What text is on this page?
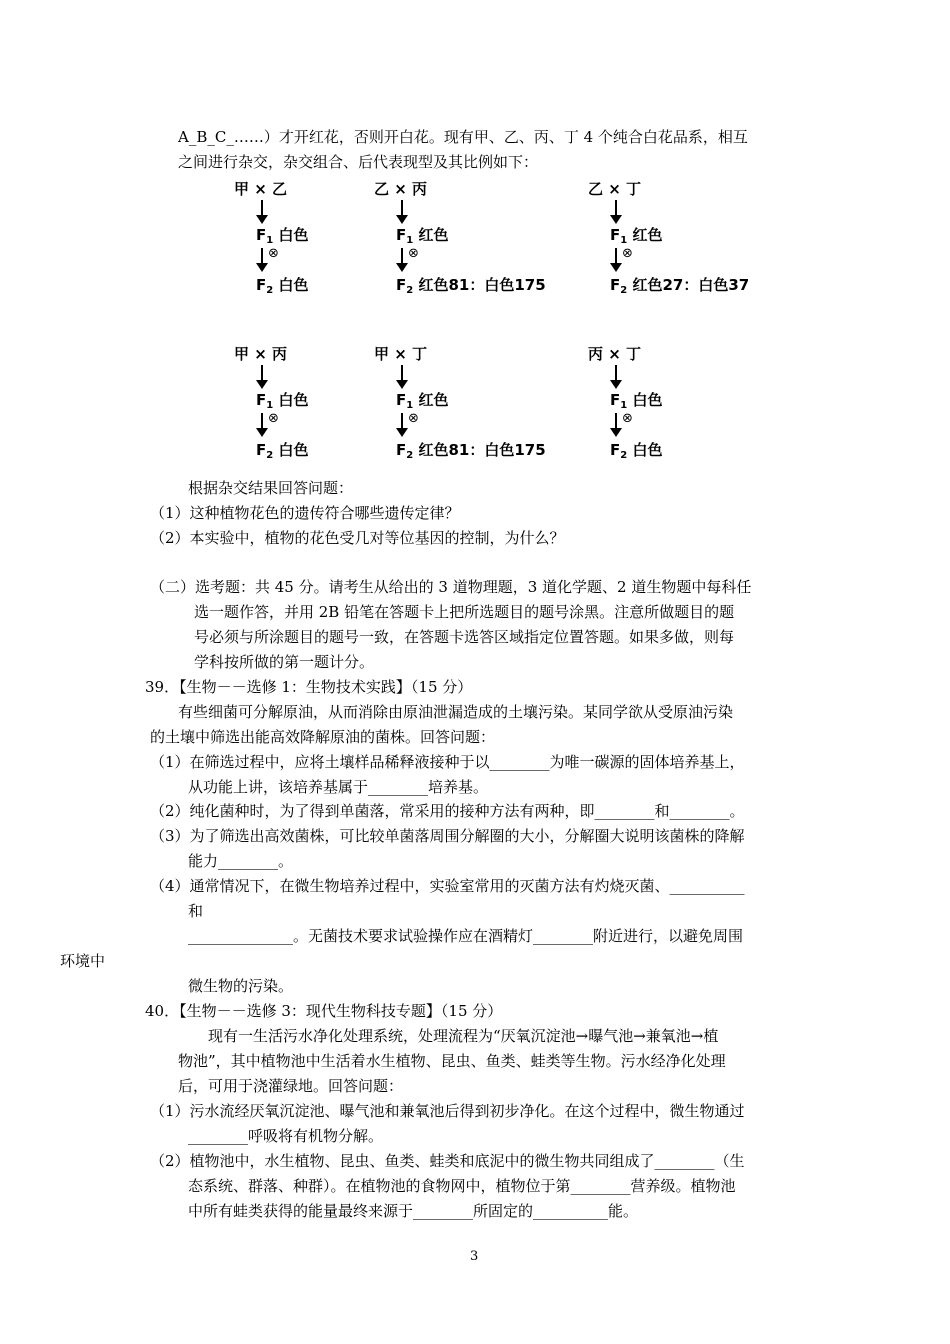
A_B_C_……）才开红花，否则开白花。现有甲、乙、丙、丁 4 个纯合白花品系，相互
之间进行杂交，杂交组合、后代表现型及其比例如下：
甲 × 乙
$F_1$ 白色
⊗
$F_2$ 白色
乙 × 丙
$F_1$ 红色
⊗
$F_2$ 红色81：白色175
乙 × 丁
$F_1$ 红色
⊗
$F_2$ 红色27：白色37
甲 × 丙
$F_1$ 白色
⊗
$F_2$ 白色
甲 × 丁
$F_1$ 红色
⊗
$F_2$ 红色81：白色175
丙 × 丁
$F_1$ 白色
⊗
$F_2$ 白色
根据杂交结果回答问题：
（1）这种植物花色的遗传符合哪些遗传定律？
（2）本实验中，植物的花色受几对等位基因的控制，为什么？
（二）选考题：共 45 分。请考生从给出的 3 道物理题，3 道化学题、2 道生物题中每科任
选一题作答，并用 2B 铅笔在答题卡上把所选题目的题号涂黑。注意所做题目的题
号必须与所涂题目的题号一致，在答题卡选答区域指定位置答题。如果多做，则每
学科按所做的第一题计分。
39．【生物－－选修 1：生物技术实践】（15 分）
有些细菌可分解原油，从而消除由原油泄漏造成的土壤污染。某同学欲从受原油污染
的土壤中筛选出能高效降解原油的菌株。回答问题：
（1）在筛选过程中，应将土壤样品稀释液接种于以________为唯一碳源的固体培养基上，
从功能上讲，该培养基属于________培养基。
（2）纯化菌种时，为了得到单菌落，常采用的接种方法有两种，即________和________。
（3）为了筛选出高效菌株，可比较单菌落周围分解圈的大小，分解圈大说明该菌株的降解
能力________。
（4）通常情况下，在微生物培养过程中，实验室常用的灭菌方法有灼烧灭菌、__________
和
______________。无菌技术要求试验操作应在酒精灯________附近进行，以避免周围
环境中
微生物的污染。
40．【生物－－选修 3：现代生物科技专题】（15 分）
现有一生活污水净化处理系统，处理流程为“厌氧沉淀池→曝气池→兼氧池→植
物池”，其中植物池中生活着水生植物、昆虫、鱼类、蛙类等生物。污水经净化处理
后，可用于浇灌绿地。回答问题：
（1）污水流经厌氧沉淀池、曝气池和兼氧池后得到初步净化。在这个过程中，微生物通过
________呼吸将有机物分解。
（2）植物池中，水生植物、昆虫、鱼类、蛙类和底泥中的微生物共同组成了________（生
态系统、群落、种群）。在植物池的食物网中，植物位于第________营养级。植物池
中所有蛙类获得的能量最终来源于________所固定的__________能。
3
